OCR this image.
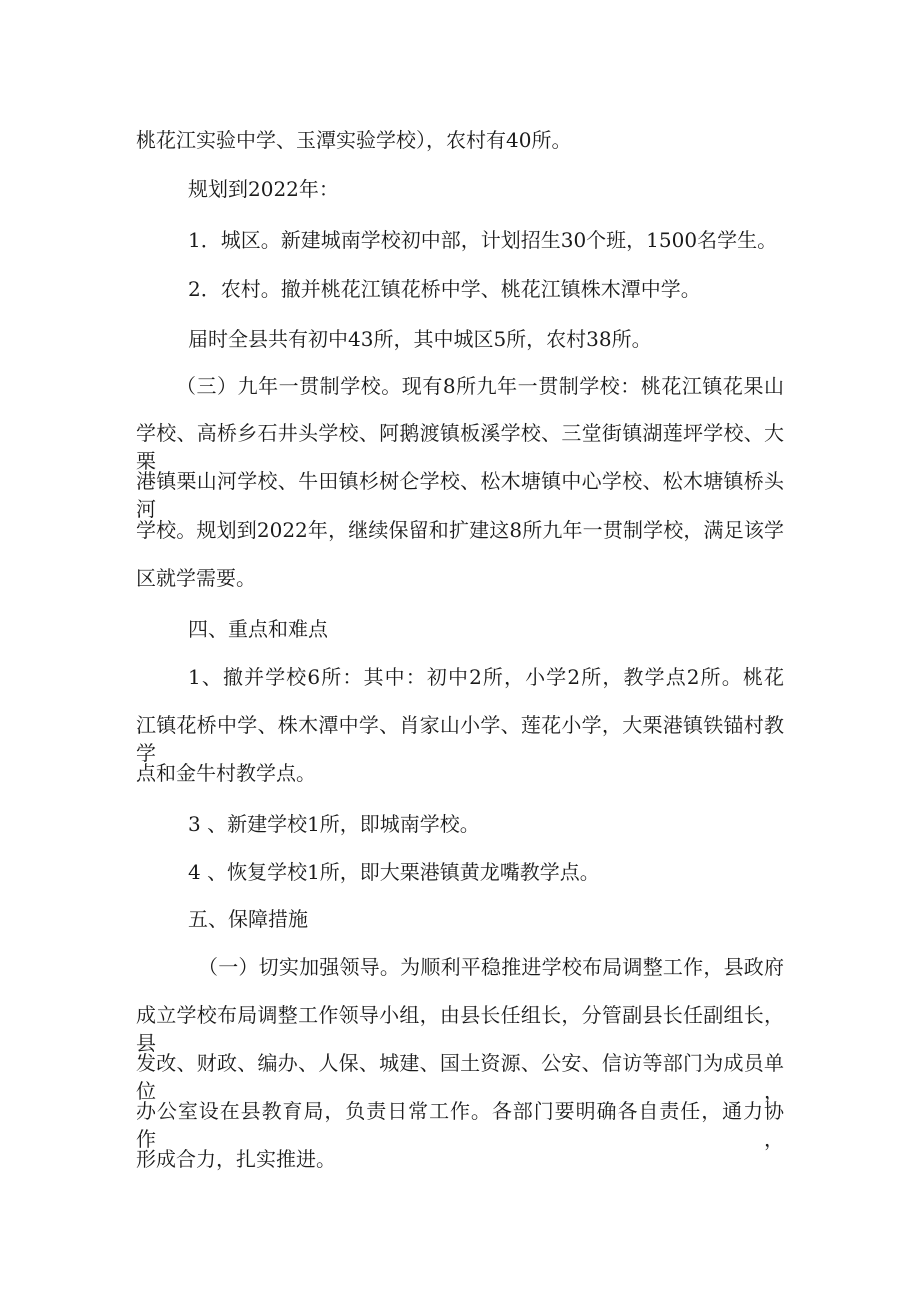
桃花江实验中学、玉潭实验学校），农村有40所。

规划到2022年：

1．城区。新建城南学校初中部，计划招生30个班，1500名学生。

2．农村。撤并桃花江镇花桥中学、桃花江镇株木潭中学。

届时全县共有初中43所，其中城区5所，农村38所。

（三）九年一贯制学校。现有8所九年一贯制学校：桃花江镇花果山

学校、高桥乡石井头学校、阿鹅渡镇板溪学校、三堂街镇湖莲坪学校、大栗

港镇栗山河学校、牛田镇杉树仑学校、松木塘镇中心学校、松木塘镇桥头河

学校。规划到2022年，继续保留和扩建这8所九年一贯制学校，满足该学

区就学需要。

四、重点和难点

1、撤并学校6所：其中：初中2所，小学2所，教学点2所。桃花

江镇花桥中学、株木潭中学、肖家山小学、莲花小学，大栗港镇铁锚村教学

点和金牛村教学点。

3 、新建学校1所，即城南学校。

4 、恢复学校1所，即大栗港镇黄龙嘴教学点。

五、保障措施

（一）切实加强领导。为顺利平稳推进学校布局调整工作，县政府

成立学校布局调整工作领导小组，由县长任组长，分管副县长任副组长，县

发改、财政、编办、人保、城建、国土资源、公安、信访等部门为成员单位，

办公室设在县教育局，负责日常工作。各部门要明确各自责任，通力协作，

形成合力，扎实推进。
